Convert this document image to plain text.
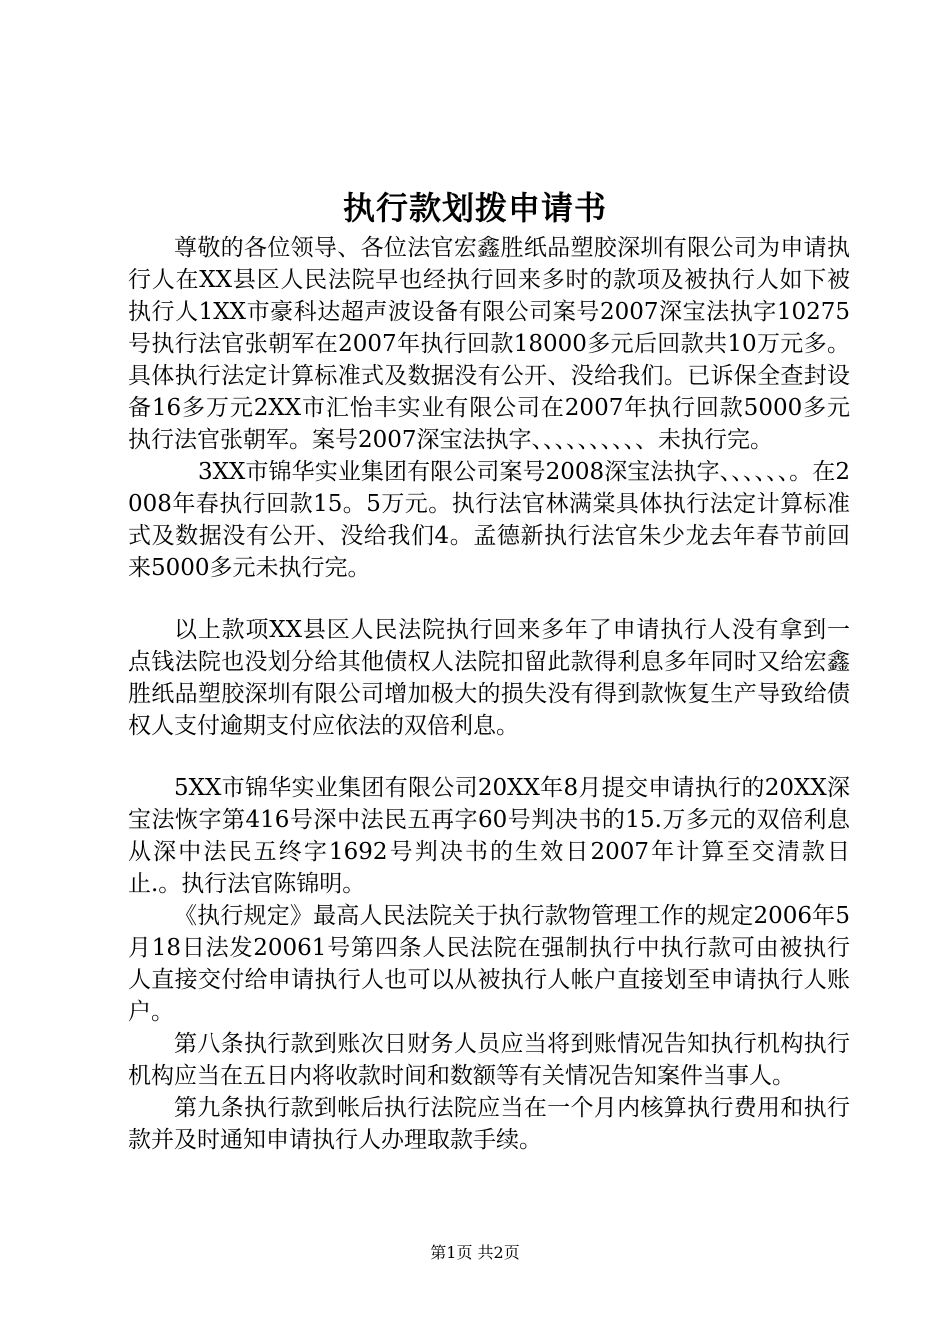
执行款划拨申请书

尊敬的各位领导、各位法官宏鑫胜纸品塑胶深圳有限公司为申请执行人在XX县区人民法院早也经执行回来多时的款项及被执行人如下被执行人1XX市豪科达超声波设备有限公司案号2007深宝法执字10275号执行法官张朝军在2007年执行回款18000多元后回款共10万元多。具体执行法定计算标准式及数据没有公开、没给我们。已诉保全查封设备16多万元2XX市汇怡丰实业有限公司在2007年执行回款5000多元执行法官张朝军。案号2007深宝法执字、、、、、、、、、、未执行完。

3XX市锦华实业集团有限公司案号2008深宝法执字、、、、、、。在2008年春执行回款15。5万元。执行法官林满棠具体执行法定计算标准式及数据没有公开、没给我们4。孟德新执行法官朱少龙去年春节前回来5000多元未执行完。

以上款项XX县区人民法院执行回来多年了申请执行人没有拿到一点钱法院也没划分给其他债权人法院扣留此款得利息多年同时又给宏鑫胜纸品塑胶深圳有限公司增加极大的损失没有得到款恢复生产导致给债权人支付逾期支付应依法的双倍利息。

5XX市锦华实业集团有限公司20XX年8月提交申请执行的20XX深宝法恢字第416号深中法民五再字60号判决书的15.万多元的双倍利息从深中法民五终字1692号判决书的生效日2007年计算至交清款日止.。执行法官陈锦明。

《执行规定》最高人民法院关于执行款物管理工作的规定2006年5月18日法发20061号第四条人民法院在强制执行中执行款可由被执行人直接交付给申请执行人也可以从被执行人帐户直接划至申请执行人账户。

第八条执行款到账次日财务人员应当将到账情况告知执行机构执行机构应当在五日内将收款时间和数额等有关情况告知案件当事人。

第九条执行款到帐后执行法院应当在一个月内核算执行费用和执行款并及时通知申请执行人办理取款手续。

第1页 共2页
